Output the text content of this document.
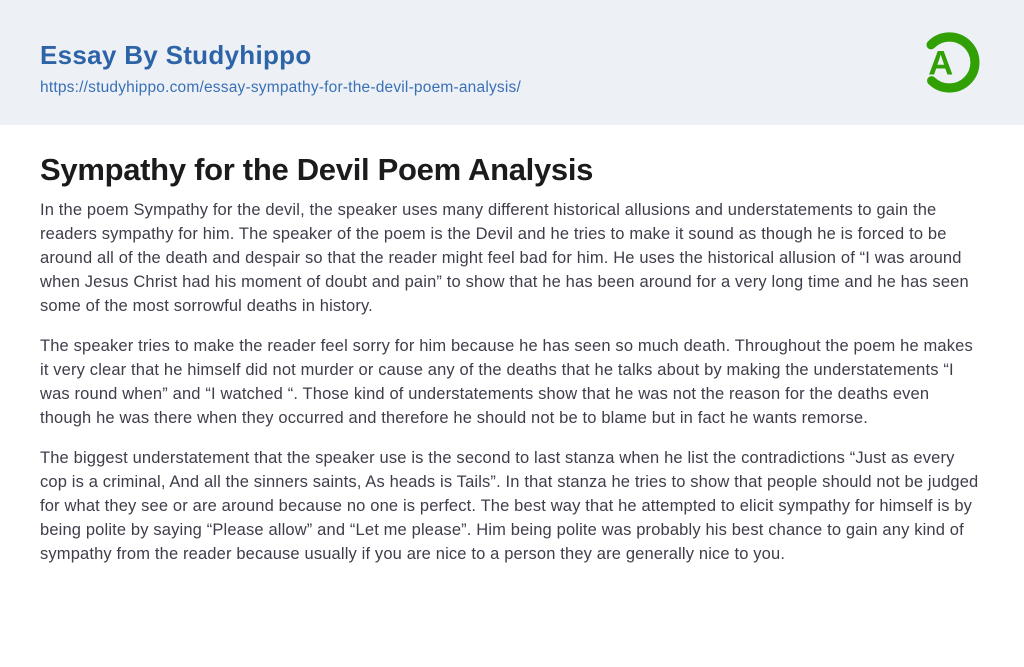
Essay By Studyhippo
https://studyhippo.com/essay-sympathy-for-the-devil-poem-analysis/
A
Sympathy for the Devil Poem Analysis

In the poem Sympathy for the devil, the speaker uses many different historical allusions and understatements to gain the readers sympathy for him. The speaker of the poem is the Devil and he tries to make it sound as though he is forced to be around all of the death and despair so that the reader might feel bad for him. He uses the historical allusion of “I was around when Jesus Christ had his moment of doubt and pain” to show that he has been around for a very long time and he has seen some of the most sorrowful deaths in history.

The speaker tries to make the reader feel sorry for him because he has seen so much death. Throughout the poem he makes it very clear that he himself did not murder or cause any of the deaths that he talks about by making the understatements “I was round when” and “I watched “. Those kind of understatements show that he was not the reason for the deaths even though he was there when they occurred and therefore he should not be to blame but in fact he wants remorse.

The biggest understatement that the speaker use is the second to last stanza when he list the contradictions “Just as every cop is a criminal, And all the sinners saints, As heads is Tails”. In that stanza he tries to show that people should not be judged for what they see or are around because no one is perfect. The best way that he attempted to elicit sympathy for himself is by being polite by saying “Please allow” and “Let me please”. Him being polite was probably his best chance to gain any kind of sympathy from the reader because usually if you are nice to a person they are generally nice to you.
